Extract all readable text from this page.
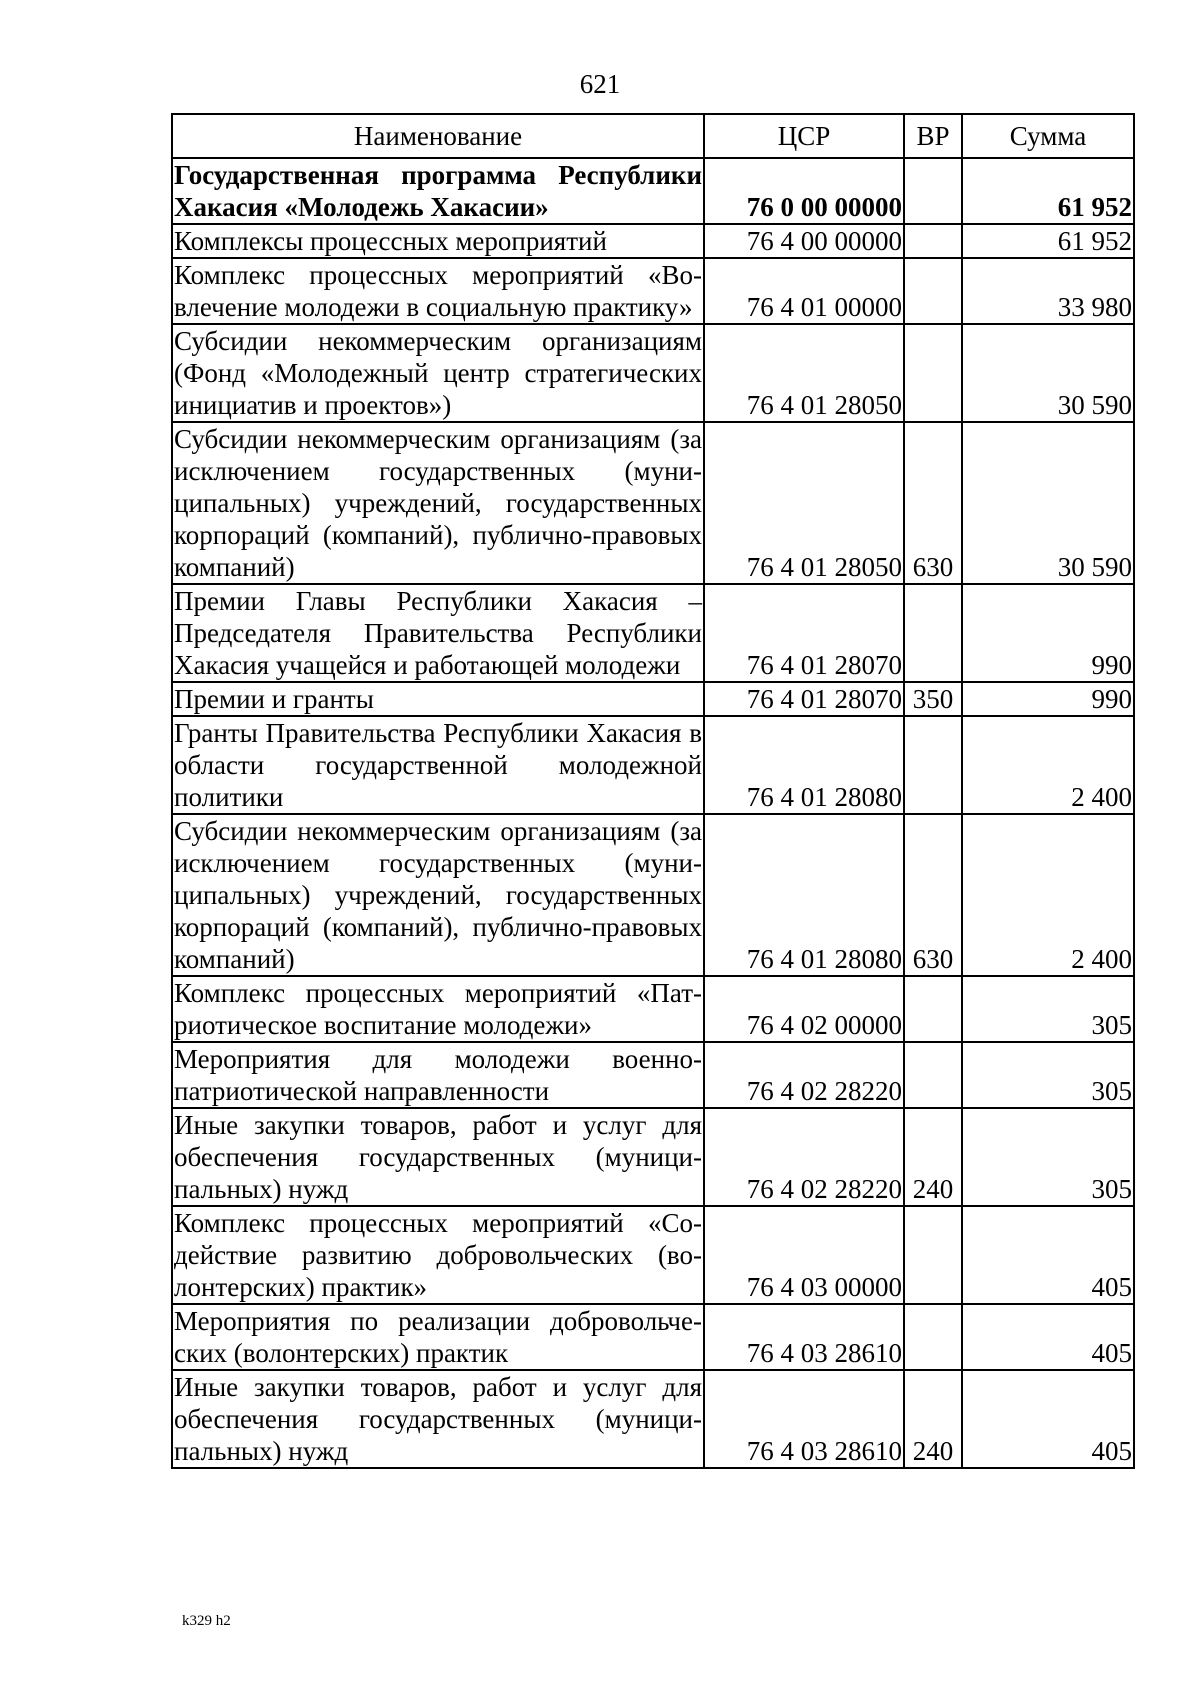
621
Наименование	ЦСР	ВР	Сумма
Государственная программа Республики Хакасия «Молодежь Хакасии»	76 0 00 00000		61 952
Комплексы процессных мероприятий	76 4 00 00000		61 952
Комплекс процессных мероприятий «Вовлечение молодежи в социальную практику»	76 4 01 00000		33 980
Субсидии некоммерческим организациям (Фонд «Молодежный центр стратегических инициатив и проектов»)	76 4 01 28050		30 590
Субсидии некоммерческим организациям (за исключением государственных (муниципальных) учреждений, государственных корпораций (компаний), публично-правовых компаний)	76 4 01 28050	630	30 590
Премии Главы Республики Хакасия – Председателя Правительства Республики Хакасия учащейся и работающей молодежи	76 4 01 28070		990
Премии и гранты	76 4 01 28070	350	990
Гранты Правительства Республики Хакасия в области государственной молодежной политики	76 4 01 28080		2 400
Субсидии некоммерческим организациям (за исключением государственных (муниципальных) учреждений, государственных корпораций (компаний), публично-правовых компаний)	76 4 01 28080	630	2 400
Комплекс процессных мероприятий «Патриотическое воспитание молодежи»	76 4 02 00000		305
Мероприятия для молодежи военно-патриотической направленности	76 4 02 28220		305
Иные закупки товаров, работ и услуг для обеспечения государственных (муниципальных) нужд	76 4 02 28220	240	305
Комплекс процессных мероприятий «Содействие развитию добровольческих (волонтерских) практик»	76 4 03 00000		405
Мероприятия по реализации добровольческих (волонтерских) практик	76 4 03 28610		405
Иные закупки товаров, работ и услуг для обеспечения государственных (муниципальных) нужд	76 4 03 28610	240	405
k329 h2
